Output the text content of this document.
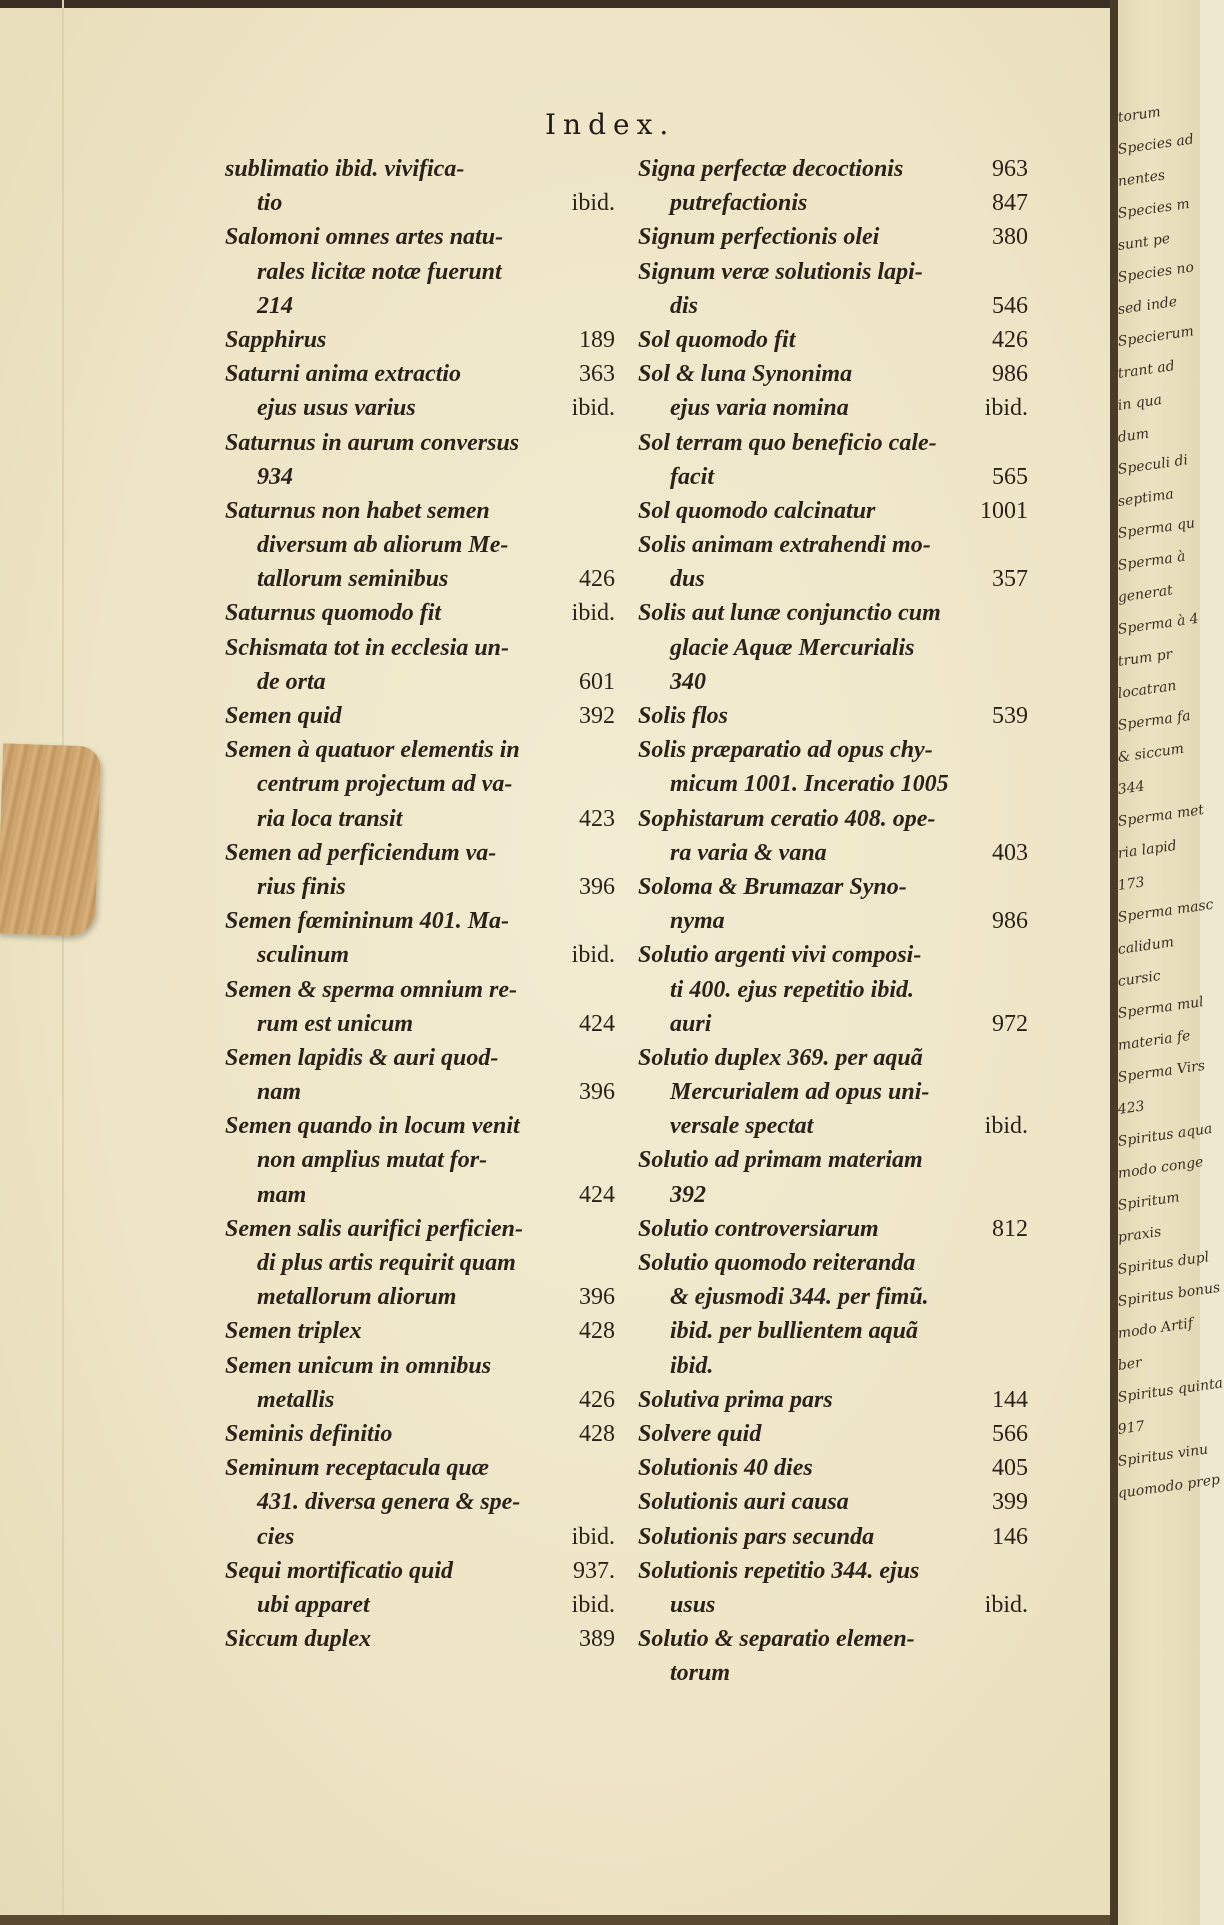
Index.
sublimatio ibid. vivifica-
tio	ibid.
Salomoni omnes artes natu-
rales licitæ notæ fuerunt
214
Sapphirus	189
Saturni anima extractio	363
ejus usus varius	ibid.
Saturnus in aurum conversus
934
Saturnus non habet semen
diversum ab aliorum Me-
tallorum seminibus	426
Saturnus quomodo fit	ibid.
Schismata tot in ecclesia un-
de orta	601
Semen quid	392
Semen à quatuor elementis in
centrum projectum ad va-
ria loca transit	423
Semen ad perficiendum va-
rius finis	396
Semen fœmininum 401. Ma-
sculinum	ibid.
Semen & sperma omnium re-
rum est unicum	424
Semen lapidis & auri quod-
nam	396
Semen quando in locum venit
non amplius mutat for-
mam	424
Semen salis aurifici perficien-
di plus artis requirit quam
metallorum aliorum	396
Semen triplex	428
Semen unicum in omnibus
metallis	426
Seminis definitio	428
Seminum receptacula quæ
431. diversa genera & spe-
cies	ibid.
Sequi mortificatio quid	937.
ubi apparet	ibid.
Siccum duplex	389
Signa perfectæ decoctionis	963
putrefactionis	847
Signum perfectionis olei	380
Signum veræ solutionis lapi-
dis	546
Sol quomodo fit	426
Sol & luna Synonima	986
ejus varia nomina	ibid.
Sol terram quo beneficio cale-
facit	565
Sol quomodo calcinatur	1001
Solis animam extrahendi mo-
dus	357
Solis aut lunæ conjunctio cum
glacie Aquæ Mercurialis
340
Solis flos	539
Solis præparatio ad opus chy-
micum 1001. Inceratio 1005
Sophistarum ceratio 408. ope-
ra varia & vana	403
Soloma & Brumazar Syno-
nyma	986
Solutio argenti vivi composi-
ti 400. ejus repetitio ibid.
auri	972
Solutio duplex 369. per aquã
Mercurialem ad opus uni-
versale spectat	ibid.
Solutio ad primam materiam
392
Solutio controversiarum	812
Solutio quomodo reiteranda
& ejusmodi 344. per fimũ.
ibid. per bullientem aquã
ibid.
Solutiva prima pars	144
Solvere quid	566
Solutionis 40 dies	405
Solutionis auri causa	399
Solutionis pars secunda	146
Solutionis repetitio 344. ejus
usus	ibid.
Solutio & separatio elemen-
torum
torum
Species ad
nentes
Species m
sunt pe
Species no
sed inde
Specierum
trant ad
in qua
dum
Speculi di
septima
Sperma qu
Sperma à
generat
Sperma à 4
trum pr
locatran
Sperma fa
& siccum
344
Sperma met
ria lapid
173
Sperma masc
calidum
cursic
Sperma mul
materia fe
Sperma Virs
423
Spiritus aqua
modo conge
Spiritum
praxis
Spiritus dupl
Spiritus bonus
modo Artif
ber
Spiritus quinta
917
Spiritus vinu
quomodo prep
